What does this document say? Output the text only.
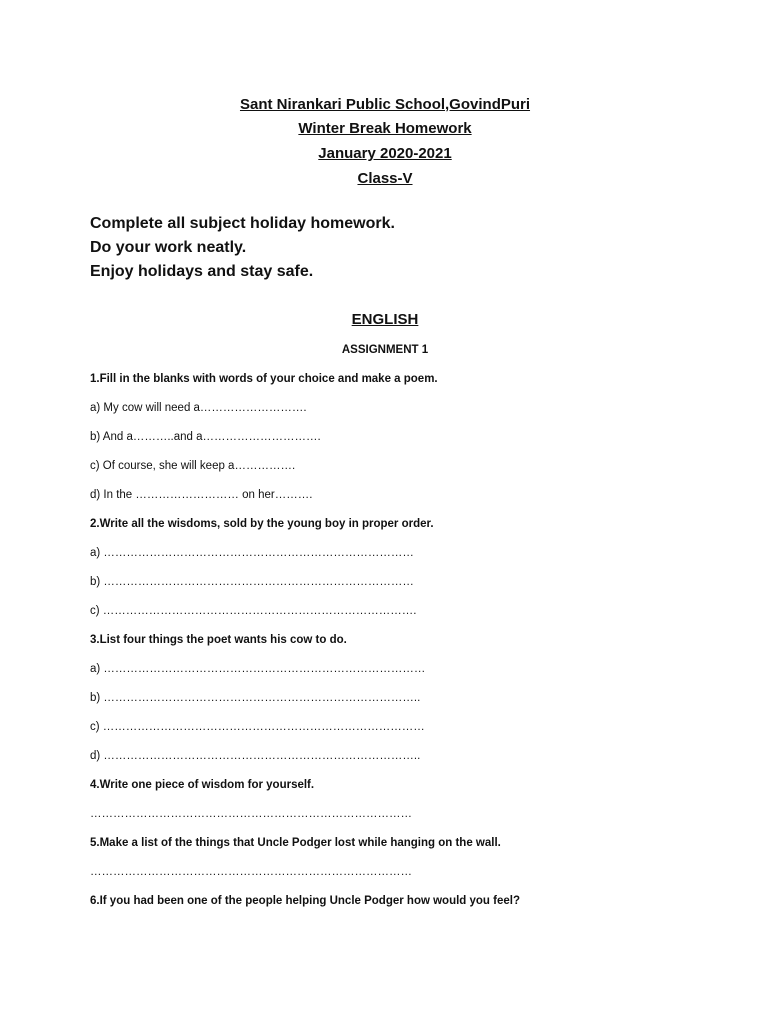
Sant Nirankari Public School,GovindPuri
Winter Break Homework
January 2020-2021
Class-V
Complete all subject holiday homework.
Do your work neatly.
Enjoy holidays and stay safe.
ENGLISH
ASSIGNMENT 1
1.Fill in the blanks with words of your choice and make a poem.
a) My cow will need a……………………….
b) And a………..and a………………………….
c) Of course, she will keep a…………….
d) In the ……………………… on her……….
2.Write all the wisdoms, sold by the young boy in proper order.
a) ………………………………………………………………………
b) ………………………………………………………………………
c) ……………………………………………………………………….
3.List four things the poet wants his cow to do.
a) …………………………………………………………………………
b) ………………………………………………………………………..
c) …………………………………………………………………………
d) ………………………………………………………………………..
4.Write one piece of wisdom for yourself.
…………………………………………………………………………
5.Make a list of the things that Uncle Podger lost while hanging on the wall.
…………………………………………………………………………
6.If you had been one of the people helping Uncle Podger how would you feel?
